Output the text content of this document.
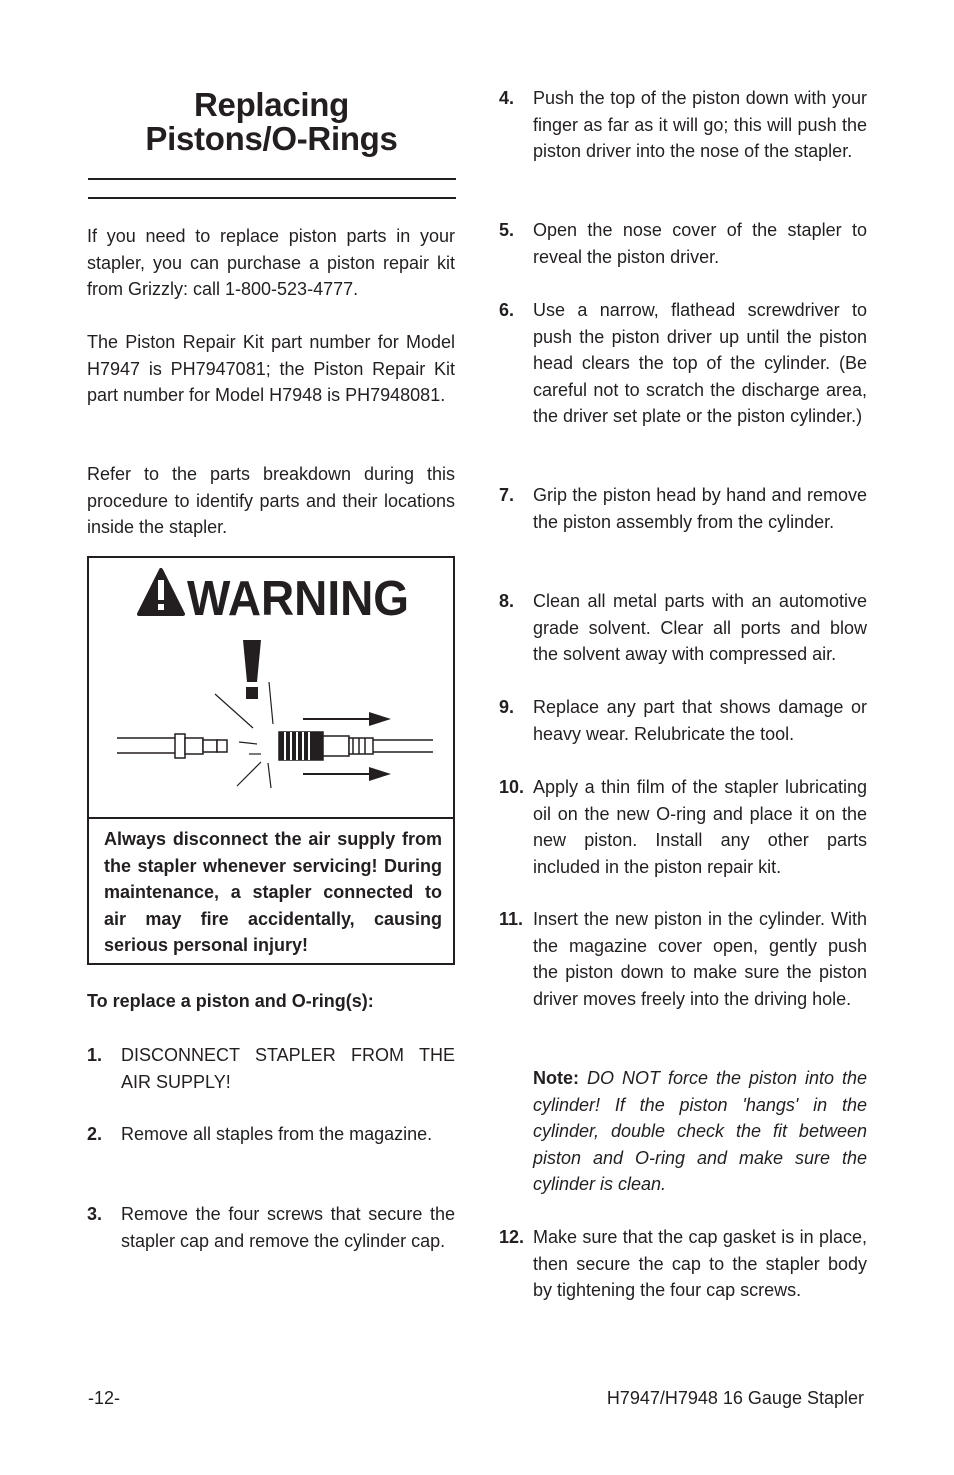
Replacing
Pistons/O-Rings

If you need to replace piston parts in your stapler, you can purchase a piston repair kit from Grizzly: call 1-800-523-4777.

The Piston Repair Kit part number for Model H7947 is PH7947081; the Piston Repair Kit part number for Model H7948 is PH7948081.

Refer to the parts breakdown during this procedure to identify parts and their locations inside the stapler.

WARNING

Always disconnect the air supply from the stapler whenever servicing! During maintenance, a stapler connected to air may fire accidentally, causing serious personal injury!

To replace a piston and O-ring(s):

1. DISCONNECT STAPLER FROM THE AIR SUPPLY!

2. Remove all staples from the magazine.

3. Remove the four screws that secure the stapler cap and remove the cylinder cap.

4. Push the top of the piston down with your finger as far as it will go; this will push the piston driver into the nose of the stapler.

5. Open the nose cover of the stapler to reveal the piston driver.

6. Use a narrow, flathead screwdriver to push the piston driver up until the piston head clears the top of the cylinder. (Be careful not to scratch the discharge area, the driver set plate or the piston cylinder.)

7. Grip the piston head by hand and remove the piston assembly from the cylinder.

8. Clean all metal parts with an automotive grade solvent. Clear all ports and blow the solvent away with compressed air.

9. Replace any part that shows damage or heavy wear. Relubricate the tool.

10. Apply a thin film of the stapler lubricating oil on the new O-ring and place it on the new piston. Install any other parts included in the piston repair kit.

11. Insert the new piston in the cylinder. With the magazine cover open, gently push the piston down to make sure the piston driver moves freely into the driving hole.

Note: DO NOT force the piston into the cylinder! If the piston 'hangs' in the cylinder, double check the fit between piston and O-ring and make sure the cylinder is clean.

12. Make sure that the cap gasket is in place, then secure the cap to the stapler body by tightening the four cap screws.

-12-	H7947/H7948 16 Gauge Stapler
